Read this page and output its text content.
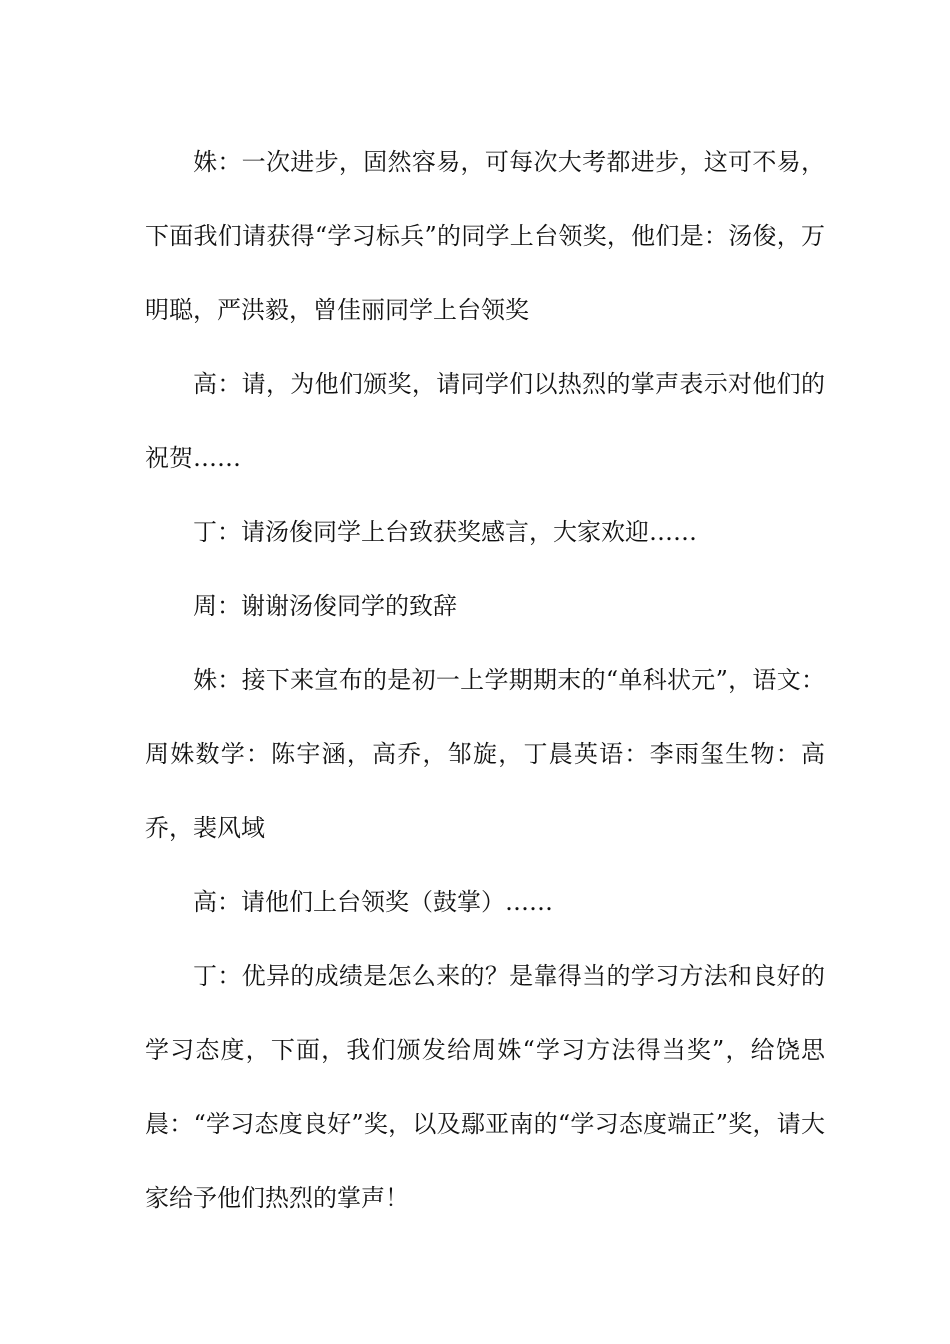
姝：一次进步，固然容易，可每次大考都进步，这可不易，下面我们请获得“学习标兵”的同学上台领奖，他们是：汤俊，万明聪，严洪毅，曾佳丽同学上台领奖

高：请，为他们颁奖，请同学们以热烈的掌声表示对他们的祝贺……

丁：请汤俊同学上台致获奖感言，大家欢迎……

周：谢谢汤俊同学的致辞

姝：接下来宣布的是初一上学期期末的“单科状元”，语文：周姝数学：陈宇涵，高乔，邹旋，丁晨英语：李雨玺生物：高乔，裴风域

高：请他们上台领奖（鼓掌）……

丁：优异的成绩是怎么来的？是靠得当的学习方法和良好的学习态度，下面，我们颁发给周姝“学习方法得当奖”，给饶思晨：“学习态度良好”奖，以及鄢亚南的“学习态度端正”奖，请大家给予他们热烈的掌声！
